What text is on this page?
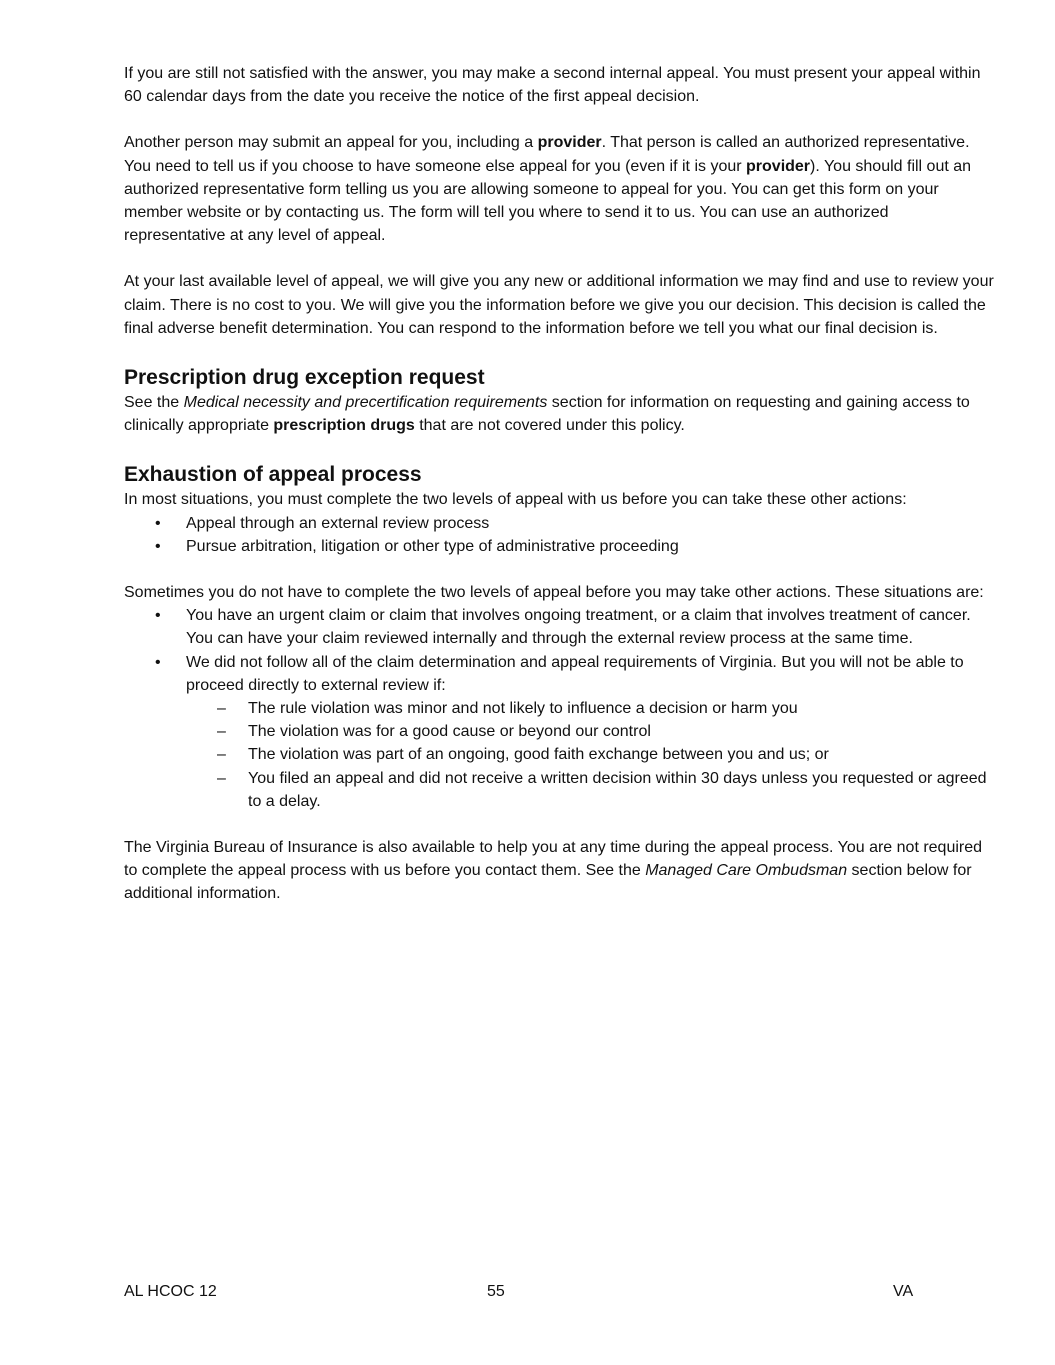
If you are still not satisfied with the answer, you may make a second internal appeal. You must present your appeal within 60 calendar days from the date you receive the notice of the first appeal decision.

Another person may submit an appeal for you, including a provider. That person is called an authorized representative. You need to tell us if you choose to have someone else appeal for you (even if it is your provider). You should fill out an authorized representative form telling us you are allowing someone to appeal for you. You can get this form on your member website or by contacting us. The form will tell you where to send it to us. You can use an authorized representative at any level of appeal.

At your last available level of appeal, we will give you any new or additional information we may find and use to review your claim. There is no cost to you. We will give you the information before we give you our decision. This decision is called the final adverse benefit determination. You can respond to the information before we tell you what our final decision is.

Prescription drug exception request

See the Medical necessity and precertification requirements section for information on requesting and gaining access to clinically appropriate prescription drugs that are not covered under this policy.

Exhaustion of appeal process

In most situations, you must complete the two levels of appeal with us before you can take these other actions:

• Appeal through an external review process
• Pursue arbitration, litigation or other type of administrative proceeding

Sometimes you do not have to complete the two levels of appeal before you may take other actions. These situations are:

• You have an urgent claim or claim that involves ongoing treatment, or a claim that involves treatment of cancer. You can have your claim reviewed internally and through the external review process at the same time.
• We did not follow all of the claim determination and appeal requirements of Virginia. But you will not be able to proceed directly to external review if:
– The rule violation was minor and not likely to influence a decision or harm you
– The violation was for a good cause or beyond our control
– The violation was part of an ongoing, good faith exchange between you and us; or
– You filed an appeal and did not receive a written decision within 30 days unless you requested or agreed to a delay.

The Virginia Bureau of Insurance is also available to help you at any time during the appeal process. You are not required to complete the appeal process with us before you contact them. See the Managed Care Ombudsman section below for additional information.

AL HCOC 12	55	VA
